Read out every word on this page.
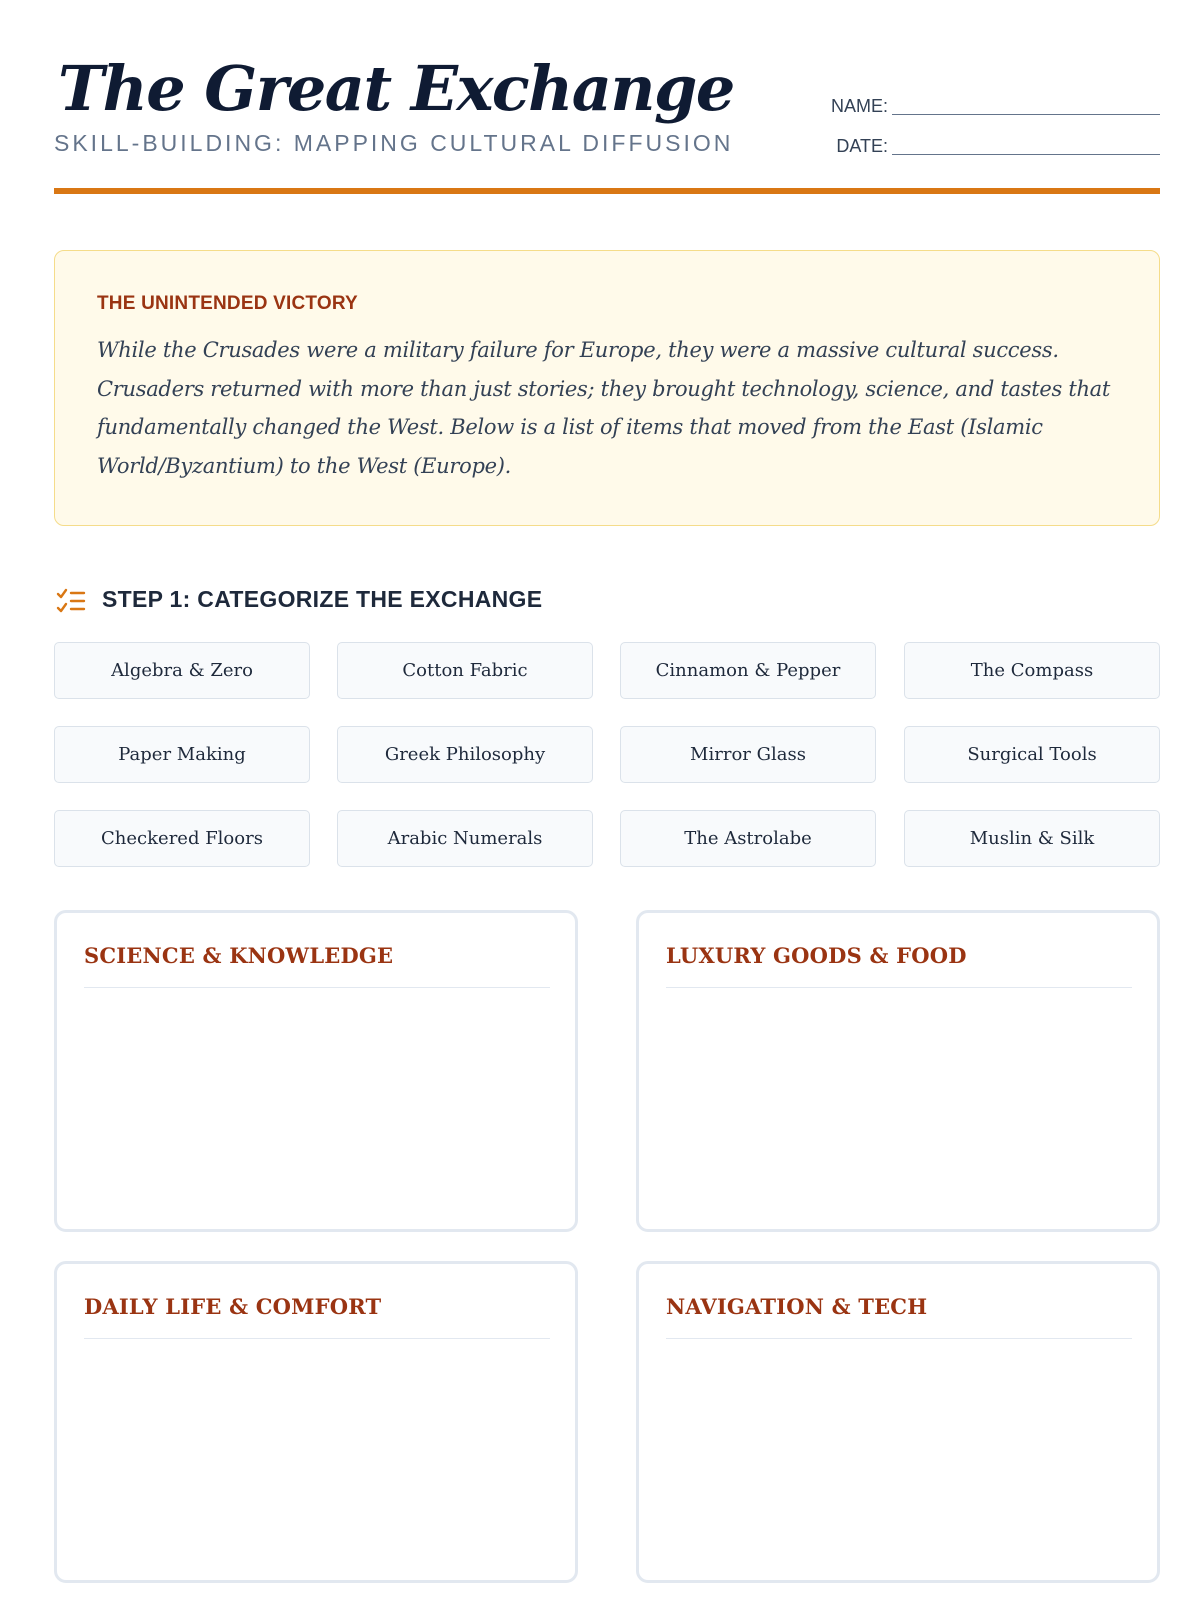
The Great Exchange
SKILL-BUILDING: MAPPING CULTURAL DIFFUSION
NAME:
DATE:
THE UNINTENDED VICTORY
While the Crusades were a military failure for Europe, they were a massive cultural success. Crusaders returned with more than just stories; they brought technology, science, and tastes that fundamentally changed the West. Below is a list of items that moved from the East (Islamic World/Byzantium) to the West (Europe).
STEP 1: CATEGORIZE THE EXCHANGE
Algebra & Zero	Cotton Fabric	Cinnamon & Pepper	The Compass
Paper Making	Greek Philosophy	Mirror Glass	Surgical Tools
Checkered Floors	Arabic Numerals	The Astrolabe	Muslin & Silk
SCIENCE & KNOWLEDGE	LUXURY GOODS & FOOD
DAILY LIFE & COMFORT	NAVIGATION & TECH
